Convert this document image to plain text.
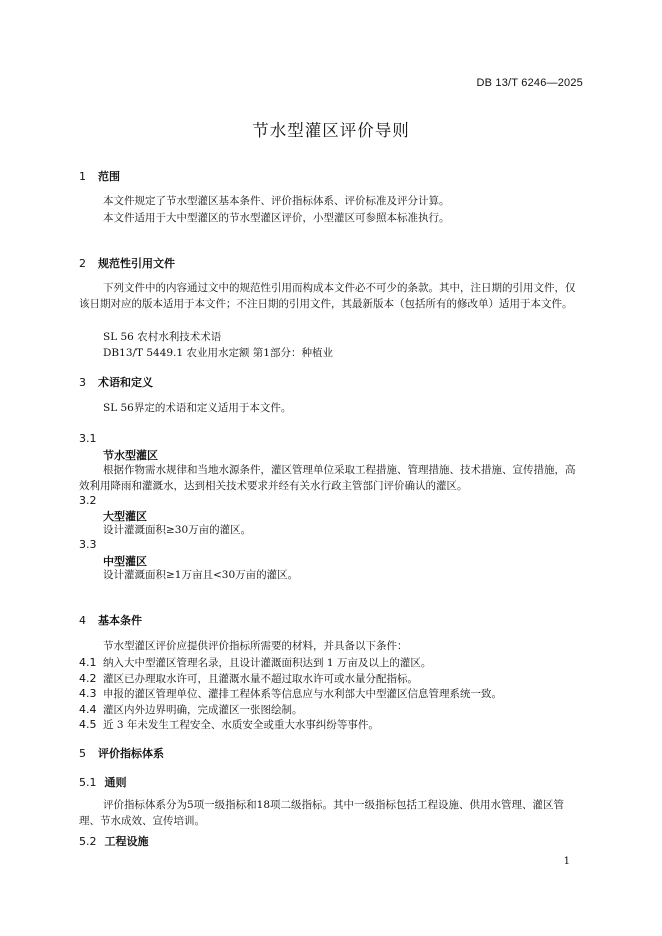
DB 13/T 6246—2025
节水型灌区评价导则
1 范围

本文件规定了节水型灌区基本条件、评价指标体系、评价标准及评分计算。

本文件适用于大中型灌区的节水型灌区评价，小型灌区可参照本标准执行。

2 规范性引用文件

下列文件中的内容通过文中的规范性引用而构成本文件必不可少的条款。其中，注日期的引用文件，仅该日期对应的版本适用于本文件；不注日期的引用文件，其最新版本（包括所有的修改单）适用于本文件。

SL 56 农村水利技术术语

DB13/T 5449.1 农业用水定额 第1部分：种植业

3 术语和定义

SL 56界定的术语和定义适用于本文件。

3.1
节水型灌区

根据作物需水规律和当地水源条件，灌区管理单位采取工程措施、管理措施、技术措施、宣传措施，高效利用降雨和灌溉水，达到相关技术要求并经有关水行政主管部门评价确认的灌区。

3.2
大型灌区

设计灌溉面积≥30万亩的灌区。

3.3
中型灌区

设计灌溉面积≥1万亩且<30万亩的灌区。

4 基本条件

节水型灌区评价应提供评价指标所需要的材料，并具备以下条件：

4.1 纳入大中型灌区管理名录，且设计灌溉面积达到 1 万亩及以上的灌区。
4.2 灌区已办理取水许可，且灌溉水量不超过取水许可或水量分配指标。
4.3 申报的灌区管理单位、灌排工程体系等信息应与水利部大中型灌区信息管理系统一致。
4.4 灌区内外边界明确，完成灌区一张图绘制。
4.5 近 3 年未发生工程安全、水质安全或重大水事纠纷等事件。
5 评价指标体系
5.1 通则

评价指标体系分为5项一级指标和18项二级指标。其中一级指标包括工程设施、供用水管理、灌区管理、节水成效、宣传培训。

5.2 工程设施
1
